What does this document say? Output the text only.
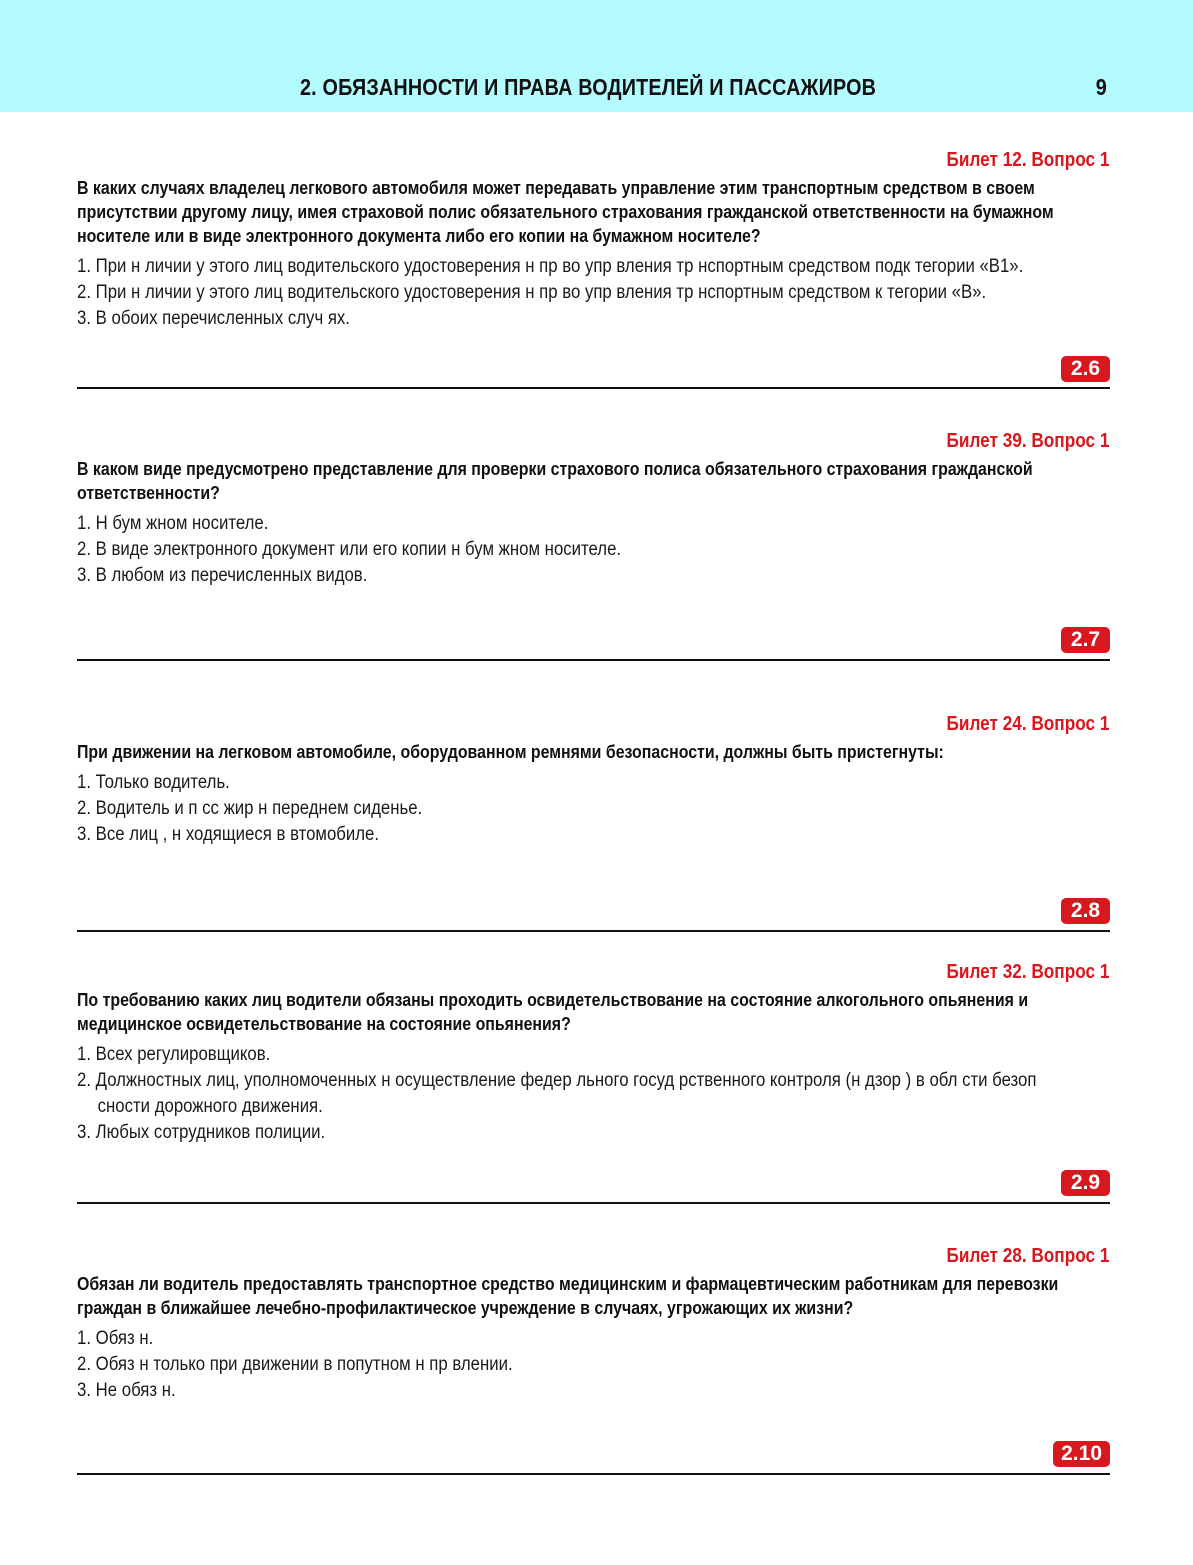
2. ОБЯЗАННОСТИ И ПРАВА ВОДИТЕЛЕЙ И ПАССАЖИРОВ	9
Билет 12. Вопрос 1
В каких случаях владелец легкового автомобиля может передавать управление этим транспортным средством в своем присутствии другому лицу, имея страховой полис обязательного страхования гражданской ответственности на бумажном носителе или в виде электронного документа либо его копии на бумажном носителе?
1. При н личии у этого лиц водительского удостоверения н пр во упр вления тр нспортным средством подк тегории «В1».
2. При н личии у этого лиц водительского удостоверения н пр во упр вления тр нспортным средством к тегории «В».
3. В обоих перечисленных случ ях.
2.6
Билет 39. Вопрос 1
В каком виде предусмотрено представление для проверки страхового полиса обязательного страхования гражданской ответственности?
1. Н бум жном носителе.
2. В виде электронного документ или его копии н бум жном носителе.
3. В любом из перечисленных видов.
2.7
Билет 24. Вопрос 1
При движении на легковом автомобиле, оборудованном ремнями безопасности, должны быть пристегнуты:
1. Только водитель.
2. Водитель и п сс жир н переднем сиденье.
3. Все лиц , н ходящиеся в втомобиле.
2.8
Билет 32. Вопрос 1
По требованию каких лиц водители обязаны проходить освидетельствование на состояние алкогольного опьянения и медицинское освидетельствование на состояние опьянения?
1. Всех регулировщиков.
2. Должностных лиц, уполномоченных н осуществление федер льного госуд рственного контроля (н дзор ) в обл сти безоп сности дорожного движения.
3. Любых сотрудников полиции.
2.9
Билет 28. Вопрос 1
Обязан ли водитель предоставлять транспортное средство медицинским и фармацевтическим работникам для перевозки граждан в ближайшее лечебно-профилактическое учреждение в случаях, угрожающих их жизни?
1. Обяз н.
2. Обяз н только при движении в попутном н пр влении.
3. Не обяз н.
2.10
